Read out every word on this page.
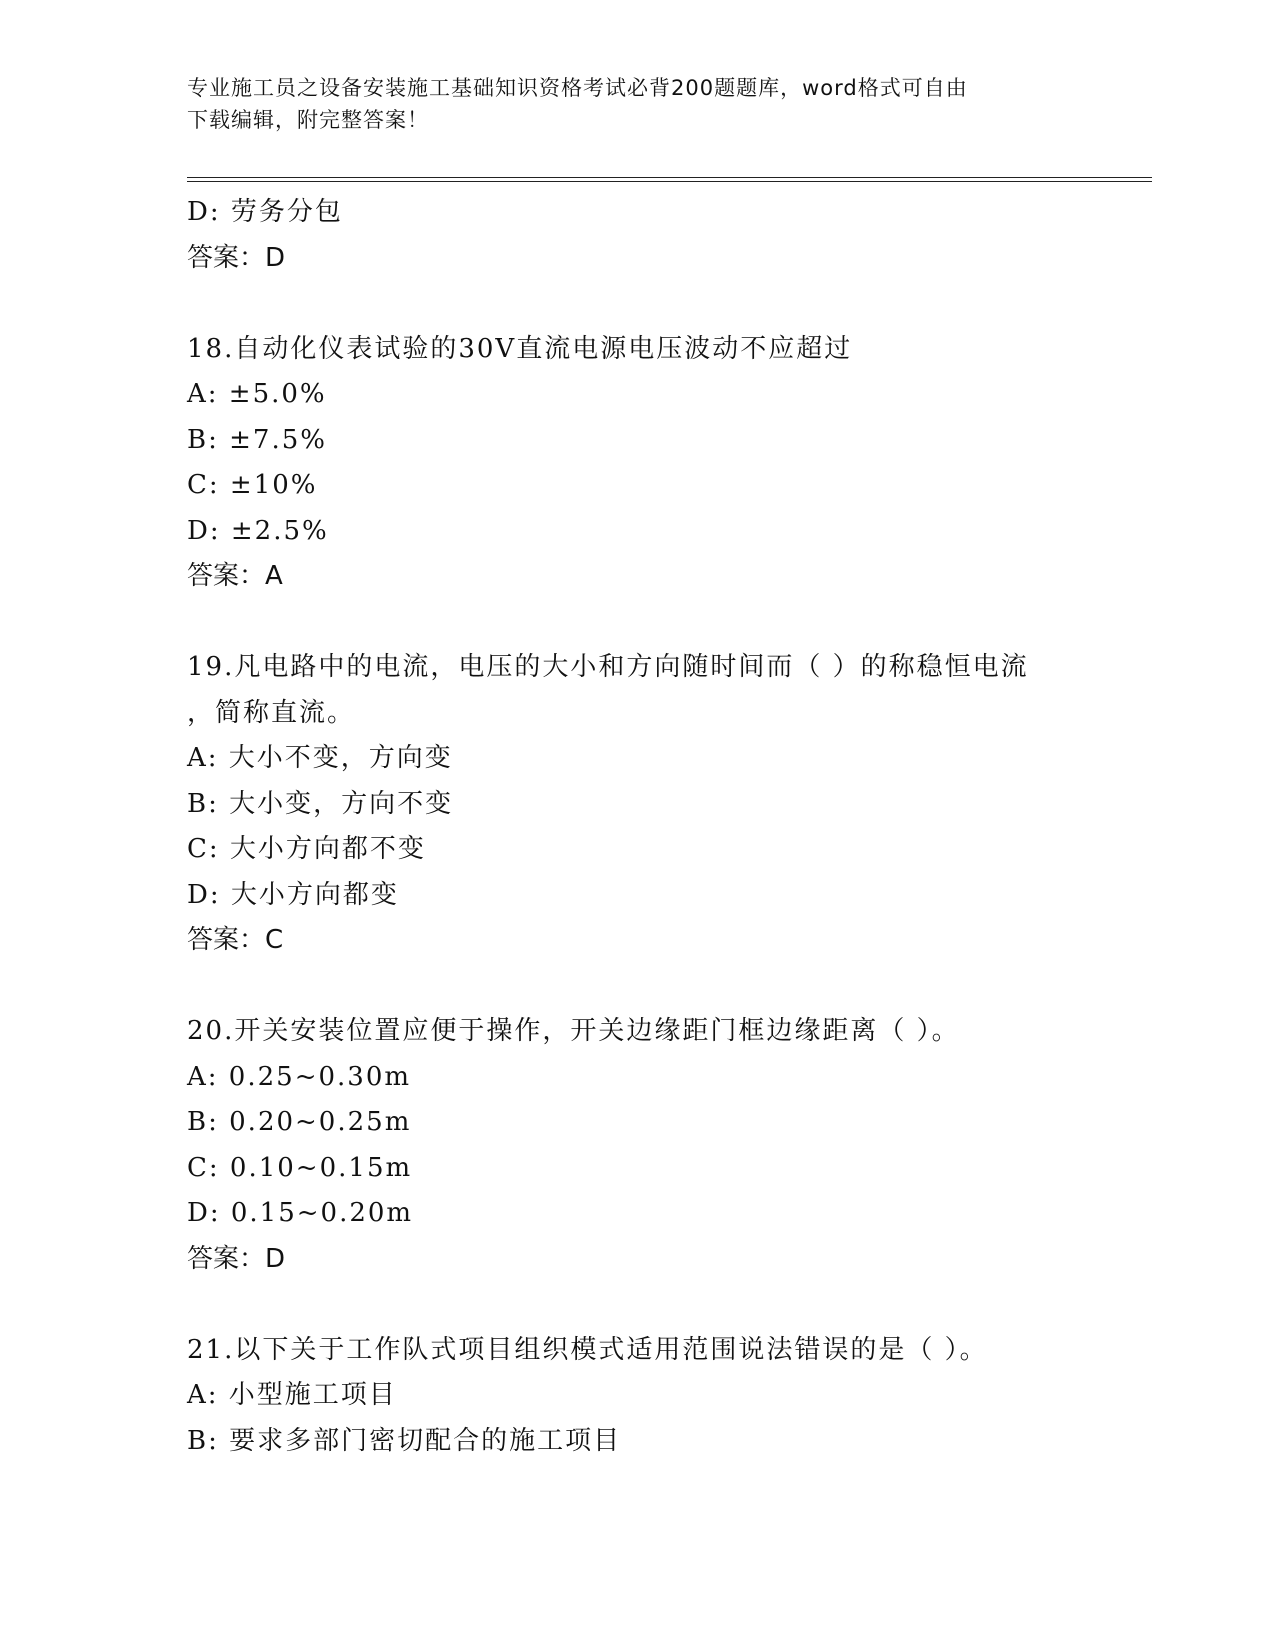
专业施工员之设备安装施工基础知识资格考试必背200题题库，word格式可自由
下载编辑，附完整答案！
D: 劳务分包
答案：D
18.自动化仪表试验的30V直流电源电压波动不应超过
A: ±5.0%
B: ±7.5%
C: ±10%
D: ±2.5%
答案：A
19.凡电路中的电流，电压的大小和方向随时间而（ ）的称稳恒电流
，简称直流。
A: 大小不变，方向变
B: 大小变，方向不变
C: 大小方向都不变
D: 大小方向都变
答案：C
20.开关安装位置应便于操作，开关边缘距门框边缘距离（ ）。
A: 0.25~0.30m
B: 0.20~0.25m
C: 0.10~0.15m
D: 0.15~0.20m
答案：D
21.以下关于工作队式项目组织模式适用范围说法错误的是（ ）。
A: 小型施工项目
B: 要求多部门密切配合的施工项目
